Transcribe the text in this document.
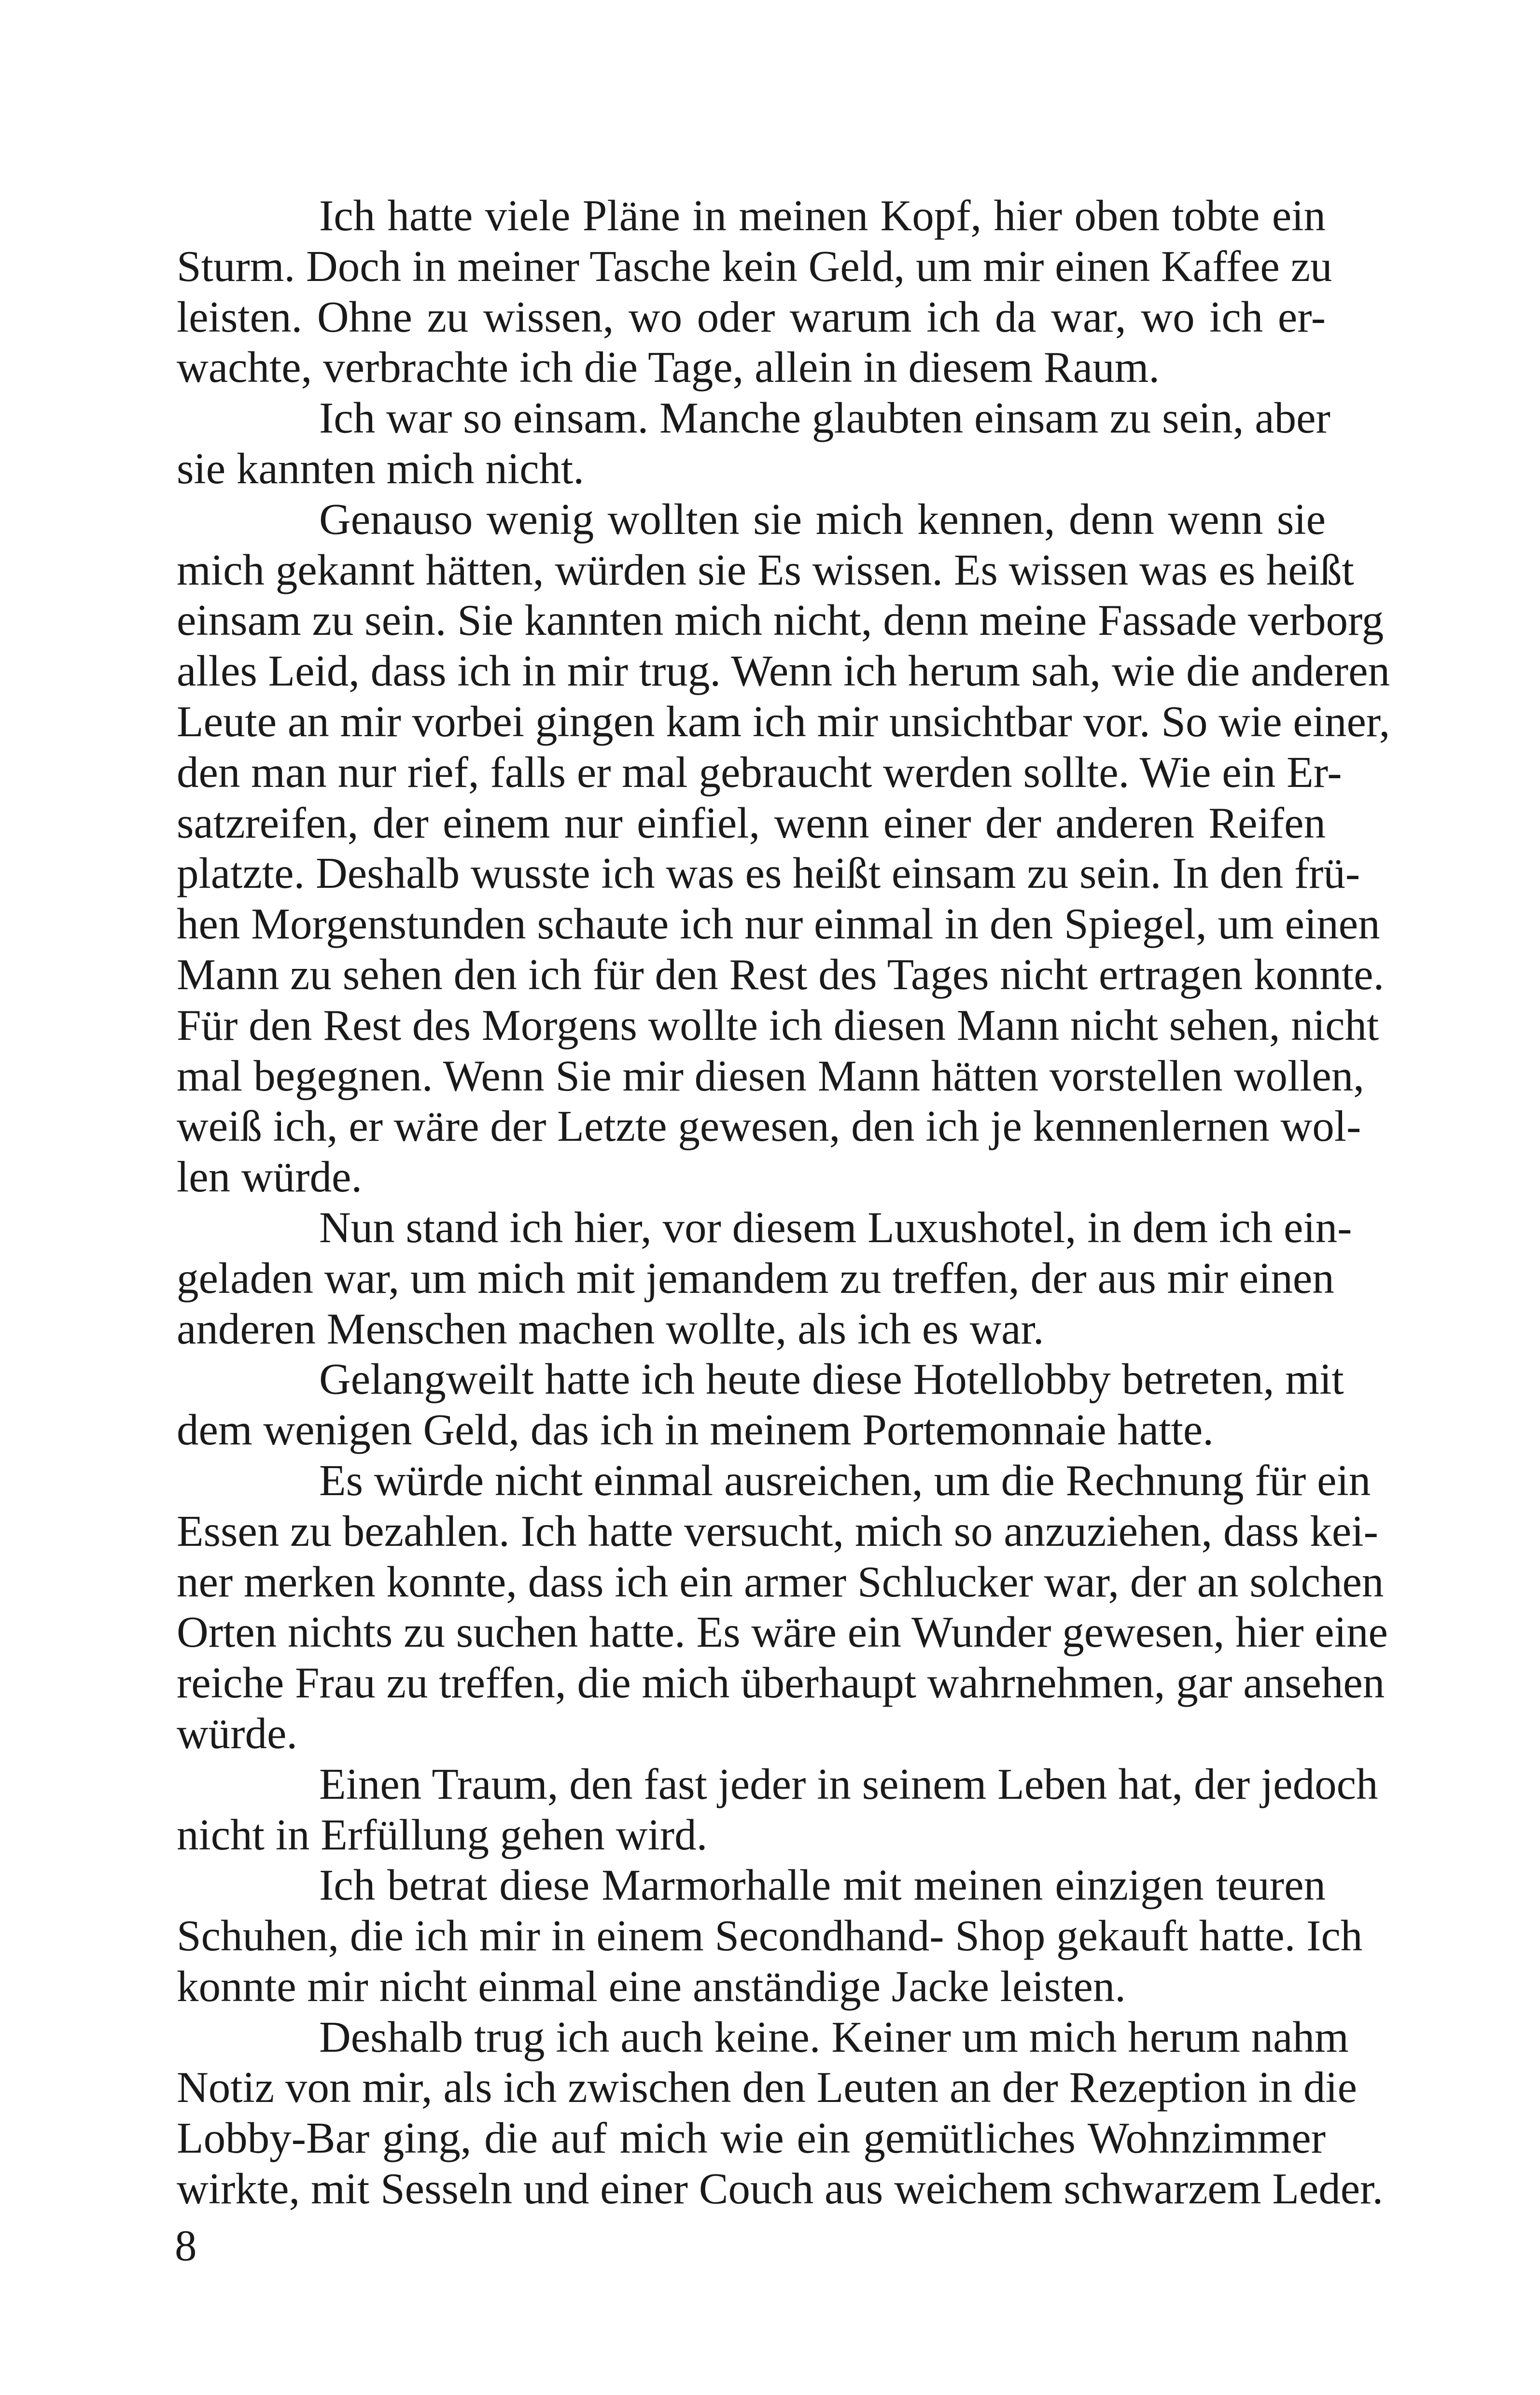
Ich hatte viele Pläne in meinen Kopf, hier oben tobte ein
Sturm. Doch in meiner Tasche kein Geld, um mir einen Kaffee zu
leisten. Ohne zu wissen, wo oder warum ich da war, wo ich er-
wachte, verbrachte ich die Tage, allein in diesem Raum.
Ich war so einsam. Manche glaubten einsam zu sein, aber
sie kannten mich nicht.
Genauso wenig wollten sie mich kennen, denn wenn sie
mich gekannt hätten, würden sie Es wissen. Es wissen was es heißt
einsam zu sein. Sie kannten mich nicht, denn meine Fassade verborg
alles Leid, dass ich in mir trug. Wenn ich herum sah, wie die anderen
Leute an mir vorbei gingen kam ich mir unsichtbar vor. So wie einer,
den man nur rief, falls er mal gebraucht werden sollte. Wie ein Er-
satzreifen, der einem nur einfiel, wenn einer der anderen Reifen
platzte. Deshalb wusste ich was es heißt einsam zu sein. In den frü-
hen Morgenstunden schaute ich nur einmal in den Spiegel, um einen
Mann zu sehen den ich für den Rest des Tages nicht ertragen konnte.
Für den Rest des Morgens wollte ich diesen Mann nicht sehen, nicht
mal begegnen. Wenn Sie mir diesen Mann hätten vorstellen wollen,
weiß ich, er wäre der Letzte gewesen, den ich je kennenlernen wol-
len würde.
Nun stand ich hier, vor diesem Luxushotel, in dem ich ein-
geladen war, um mich mit jemandem zu treffen, der aus mir einen
anderen Menschen machen wollte, als ich es war.
Gelangweilt hatte ich heute diese Hotellobby betreten, mit
dem wenigen Geld, das ich in meinem Portemonnaie hatte.
Es würde nicht einmal ausreichen, um die Rechnung für ein
Essen zu bezahlen. Ich hatte versucht, mich so anzuziehen, dass kei-
ner merken konnte, dass ich ein armer Schlucker war, der an solchen
Orten nichts zu suchen hatte. Es wäre ein Wunder gewesen, hier eine
reiche Frau zu treffen, die mich überhaupt wahrnehmen, gar ansehen
würde.
Einen Traum, den fast jeder in seinem Leben hat, der jedoch
nicht in Erfüllung gehen wird.
Ich betrat diese Marmorhalle mit meinen einzigen teuren
Schuhen, die ich mir in einem Secondhand- Shop gekauft hatte. Ich
konnte mir nicht einmal eine anständige Jacke leisten.
Deshalb trug ich auch keine. Keiner um mich herum nahm
Notiz von mir, als ich zwischen den Leuten an der Rezeption in die
Lobby-Bar ging, die auf mich wie ein gemütliches Wohnzimmer
wirkte, mit Sesseln und einer Couch aus weichem schwarzem Leder.
8
